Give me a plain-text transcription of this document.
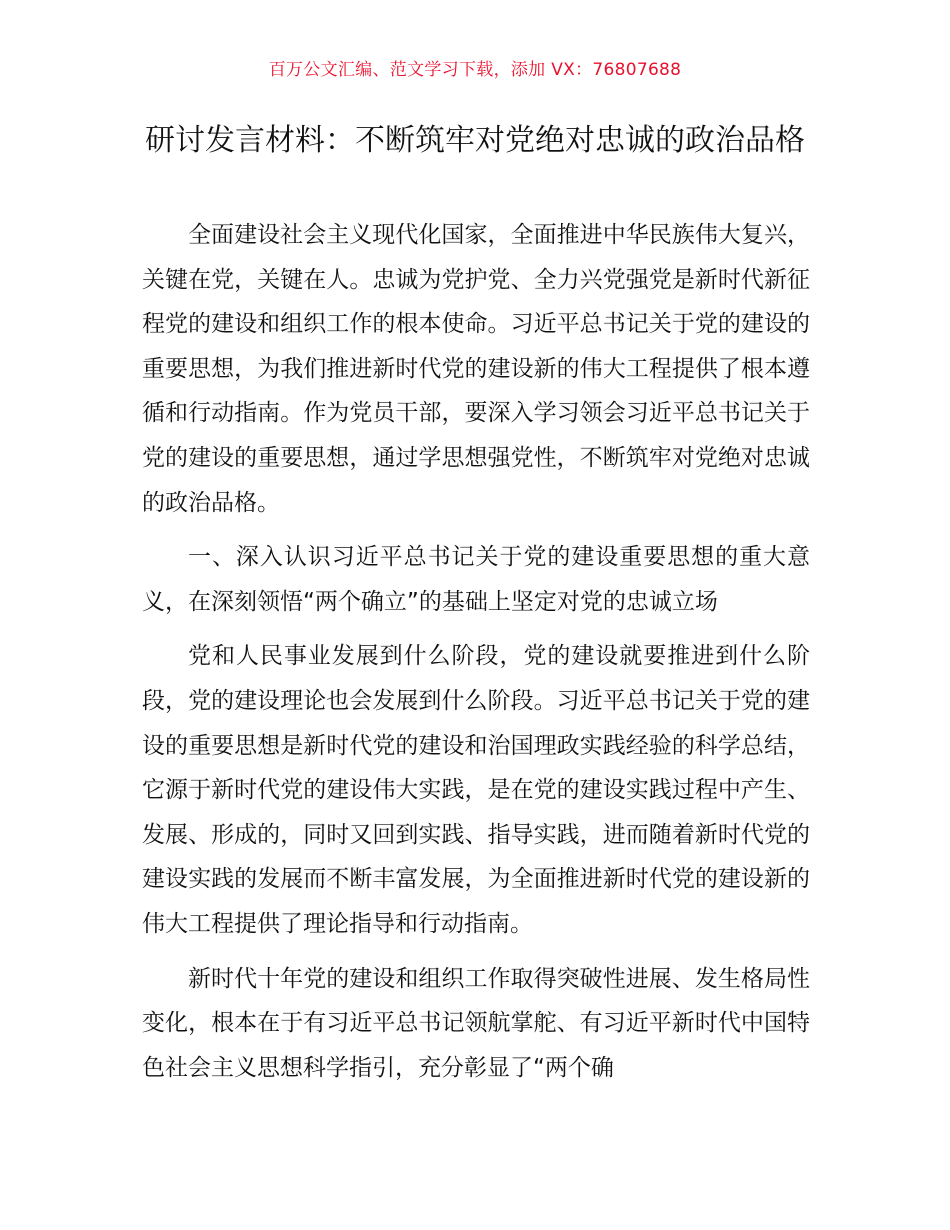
百万公文汇编、范文学习下载，添加 VX：76807688
研讨发言材料：不断筑牢对党绝对忠诚的政治品格

全面建设社会主义现代化国家，全面推进中华民族伟大复兴，关键在党，关键在人。忠诚为党护党、全力兴党强党是新时代新征程党的建设和组织工作的根本使命。习近平总书记关于党的建设的重要思想，为我们推进新时代党的建设新的伟大工程提供了根本遵循和行动指南。作为党员干部，要深入学习领会习近平总书记关于党的建设的重要思想，通过学思想强党性，不断筑牢对党绝对忠诚的政治品格。

一、深入认识习近平总书记关于党的建设重要思想的重大意义，在深刻领悟“两个确立”的基础上坚定对党的忠诚立场

党和人民事业发展到什么阶段，党的建设就要推进到什么阶段，党的建设理论也会发展到什么阶段。习近平总书记关于党的建设的重要思想是新时代党的建设和治国理政实践经验的科学总结，它源于新时代党的建设伟大实践，是在党的建设实践过程中产生、发展、形成的，同时又回到实践、指导实践，进而随着新时代党的建设实践的发展而不断丰富发展，为全面推进新时代党的建设新的伟大工程提供了理论指导和行动指南。

新时代十年党的建设和组织工作取得突破性进展、发生格局性变化，根本在于有习近平总书记领航掌舵、有习近平新时代中国特色社会主义思想科学指引，充分彰显了“两个确
